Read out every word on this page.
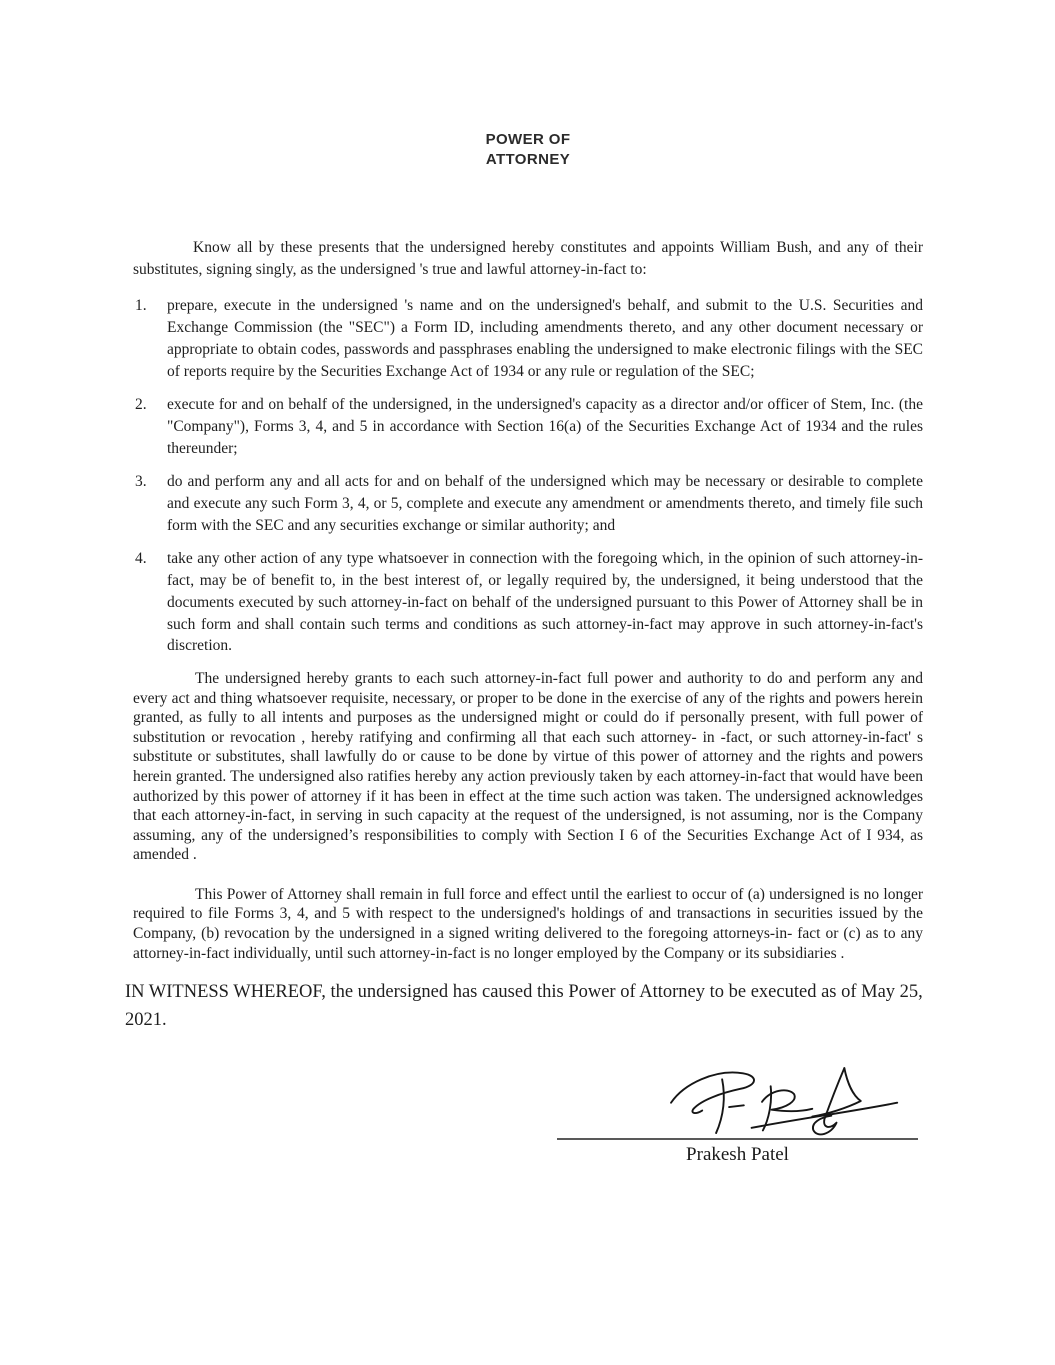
POWER OF
ATTORNEY

Know all by these presents that the undersigned hereby constitutes and appoints William Bush, and any of their substitutes, signing singly, as the undersigned 's true and lawful attorney-in-fact to:

1. prepare, execute in the undersigned 's name and on the undersigned's behalf, and submit to the U.S. Securities and Exchange Commission (the "SEC") a Form ID, including amendments thereto, and any other document necessary or appropriate to obtain codes, passwords and passphrases enabling the undersigned to make electronic filings with the SEC of reports require by the Securities Exchange Act of 1934 or any rule or regulation of the SEC;

2. execute for and on behalf of the undersigned, in the undersigned's capacity as a director and/or officer of Stem, Inc. (the "Company"), Forms 3, 4, and 5 in accordance with Section 16(a) of the Securities Exchange Act of 1934 and the rules thereunder;

3. do and perform any and all acts for and on behalf of the undersigned which may be necessary or desirable to complete and execute any such Form 3, 4, or 5, complete and execute any amendment or amendments thereto, and timely file such form with the SEC and any securities exchange or similar authority; and

4. take any other action of any type whatsoever in connection with the foregoing which, in the opinion of such attorney-in-fact, may be of benefit to, in the best interest of, or legally required by, the undersigned, it being understood that the documents executed by such attorney-in-fact on behalf of the undersigned pursuant to this Power of Attorney shall be in such form and shall contain such terms and conditions as such attorney-in-fact may approve in such attorney-in-fact's discretion.

The undersigned hereby grants to each such attorney-in-fact full power and authority to do and perform any and every act and thing whatsoever requisite, necessary, or proper to be done in the exercise of any of the rights and powers herein granted, as fully to all intents and purposes as the undersigned might or could do if personally present, with full power of substitution or revocation , hereby ratifying and confirming all that each such attorney- in -fact, or such attorney-in-fact' s substitute or substitutes, shall lawfully do or cause to be done by virtue of this power of attorney and the rights and powers herein granted. The undersigned also ratifies hereby any action previously taken by each attorney-in-fact that would have been authorized by this power of attorney if it has been in effect at the time such action was taken. The undersigned acknowledges that each attorney-in-fact, in serving in such capacity at the request of the undersigned, is not assuming, nor is the Company assuming, any of the undersigned’s responsibilities to comply with Section I 6 of the Securities Exchange Act of I 934, as amended .

This Power of Attorney shall remain in full force and effect until the earliest to occur of (a) undersigned is no longer required to file Forms 3, 4, and 5 with respect to the undersigned's holdings of and transactions in securities issued by the Company, (b) revocation by the undersigned in a signed writing delivered to the foregoing attorneys-in- fact or (c) as to any attorney-in-fact individually, until such attorney-in-fact is no longer employed by the Company or its subsidiaries .

IN WITNESS WHEREOF, the undersigned has caused this Power of Attorney to be executed as of May 25, 2021.

Prakesh Patel
